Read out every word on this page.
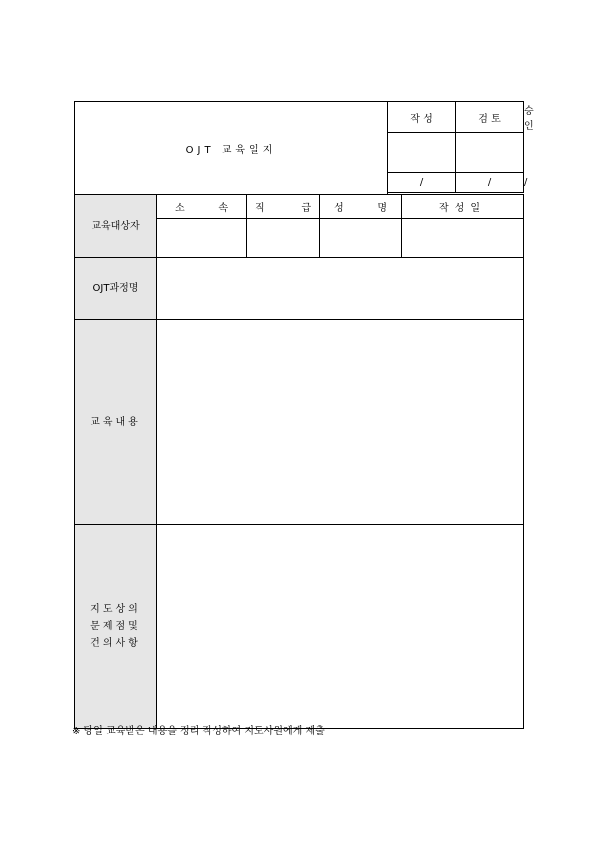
OJT 교육일지				작 성		검 토	승 인

				/		/	/

교육대상자	소 속	직 급	성 명		작성일		

OJT과정명							
교육내용							

지도상의
문제점및
건의사항							

※ 당일 교육받은 내용을 정리 작성하여 지도사원에게 제출
